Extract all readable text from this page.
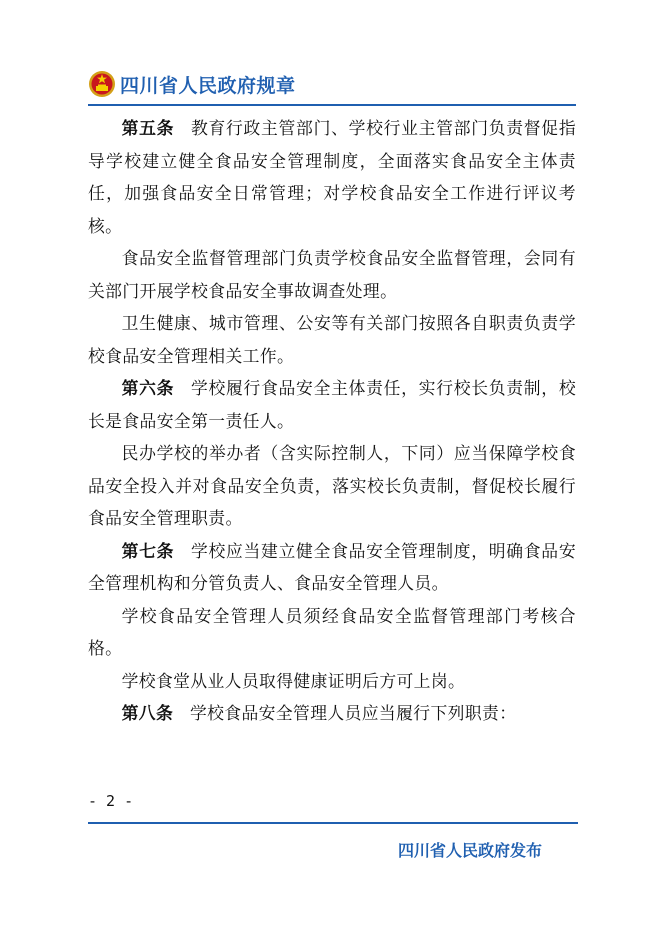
四川省人民政府规章

第五条 教育行政主管部门、学校行业主管部门负责督促指导学校建立健全食品安全管理制度，全面落实食品安全主体责任，加强食品安全日常管理；对学校食品安全工作进行评议考核。

食品安全监督管理部门负责学校食品安全监督管理，会同有关部门开展学校食品安全事故调查处理。

卫生健康、城市管理、公安等有关部门按照各自职责负责学校食品安全管理相关工作。

第六条 学校履行食品安全主体责任，实行校长负责制，校长是食品安全第一责任人。

民办学校的举办者（含实际控制人，下同）应当保障学校食品安全投入并对食品安全负责，落实校长负责制，督促校长履行食品安全管理职责。

第七条 学校应当建立健全食品安全管理制度，明确食品安全管理机构和分管负责人、食品安全管理人员。

学校食品安全管理人员须经食品安全监督管理部门考核合格。

学校食堂从业人员取得健康证明后方可上岗。

第八条 学校食品安全管理人员应当履行下列职责：

- 2 -
四川省人民政府发布
